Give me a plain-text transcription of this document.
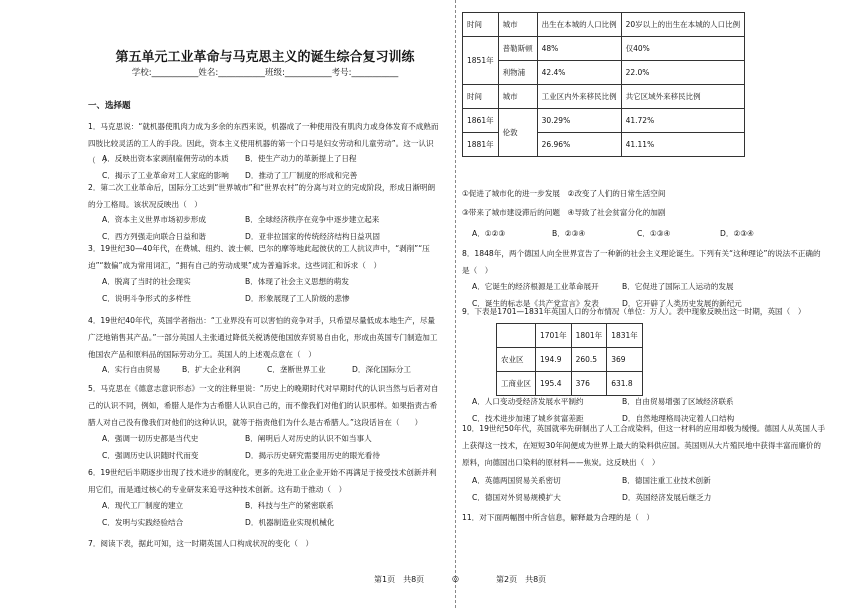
第五单元工业革命与马克思主义的诞生综合复习训练
学校:___________姓名:___________班级:___________考号:___________
一、选择题
1．马克思说：“就机器使肌肉力成为多余的东西来说，机器成了一种使用没有肌肉力或身体发育不成熟而四肢比较灵活的工人的手段。因此，资本主义使用机器的第一个口号是妇女劳动和儿童劳动”。这一认识（　）
A．反映出资本家剥削雇佣劳动的本质 B．使生产动力的革新提上了日程
C．揭示了工业革命对工人家庭的影响 D．推动了工厂制度的形成和完善
2．第二次工业革命后，国际分工达到“世界城市”和“世界农村”的分离与对立的完成阶段，形成日渐明朗的分工格局。该状况反映出（　）
A．资本主义世界市场初步形成	B．全球经济秩序在竞争中逐步建立起来
C．西方列强走向联合日益和谐	D．亚非拉国家的传统经济结构日益巩固
3．19世纪30—40年代，在费城、纽约、波士顿、巴尔的摩等地此起彼伏的工人抗议声中，“剥削”“压迫”“数偏”成为常用词汇，“拥有自己的劳动成果”成为普遍诉求。这些词汇和诉求（　）
A．脱离了当时的社会现实	B．体现了社会主义思想的萌发
C．说明斗争形式的多样性	D．形象展现了工人阶级的悲惨
4．19世纪40年代，英国学者指出：“工业界没有可以害怕的竞争对手，只希望尽量低成本地生产，尽量广泛地销售其产品。”一部分英国人主张通过降低关税诱使他国放弃贸易自由化，形成由英国专门制造加工他国农产品和原料品的国际劳动分工。英国人的上述观点意在（　）
A．实行自由贸易	B．扩大企业利润	C．垄断世界工业	D．深化国际分工
5．马克思在《德意志意识形态》一文的注释里说：“历史上的晚期时代对早期时代的认识当然与后者对自己的认识不同，例如，希腊人是作为古希腊人认识自己的，而不像我们对他们的认识那样。如果指责古希腊人对自己没有像我们对他们的这种认识，就等于指责他们为什么是古希腊人。”这段话旨在（　　）
A．强调一切历史都是当代史	B．阐明后人对历史的认识不如当事人
C．强调历史认识随时代而变	D．揭示历史研究需要用历史的眼光看待
6．19世纪后半期逐步出现了技术进步的制度化，更多的先进工业企业开始不再满足于接受技术创新并利用它们，而是通过核心的专业研发来追寻这种技术创新。这有助于推动（　）
A．现代工厂制度的建立	B．科技与生产的紧密联系
C．发明与实践经验结合	D．机器制造业实现机械化
7．阅读下表，据此可知，这一时期英国人口构成状况的变化（　）
第1页　共8页	◎
时间	城市	出生在本城的人口比例	20岁以上的出生在本城的人口比例
1851年	普勒斯顿	48%	仅40%
	利物浦	42.4%	22.0%
时间	城市	工业区内外来移民比例	共它区域外来移民比例
1861年	伦敦	30.29%	41.72%
1881年		26.96%	41.11%
①促进了城市化的进一步发展　②改变了人们的日常生活空间
③带来了城市建设滞后的问题　④导致了社会贫富分化的加剧
A．①②③	B．②③④	C．①③④	D．②③④
8．1848年，两个德国人向全世界宣告了一种新的社会主义理论诞生。下列有关“这种理论”的说法不正确的是（　）
A．它诞生的经济根源是工业革命展开	B．它促进了国际工人运动的发展
C．诞生的标志是《共产党宣言》发表	D．它开辟了人类历史发展的新纪元
9．下表是1701—1831年英国人口的分布情况（单位：万人）。表中现象反映出这一时期，英国（　）
	1701年	1801年	1831年
农业区	194.9	260.5	369
工商业区	195.4	376	631.8
A．人口变动受经济发展水平制约	B．自由贸易增强了区域经济联系
C．技术进步加速了城乡贫富差距	D．自然地理格局决定着人口结构
10．19世纪50年代，英国就率先研制出了人工合成染料，但这一材料的应用却极为缓慢。德国人从英国人手上获得这一技术，在短短30年间便成为世界上最大的染料供应国。英国则从大片殖民地中获得丰富而廉价的原料，向德国出口染料的原材料——焦炭。这反映出（　）
A．英德两国贸易关系密切	B．德国注重工业技术创新
C．德国对外贸易规模扩大	D．英国经济发展后继乏力
11．对下面两幅图中所含信息，解释最为合理的是（　）
第2页　共8页
